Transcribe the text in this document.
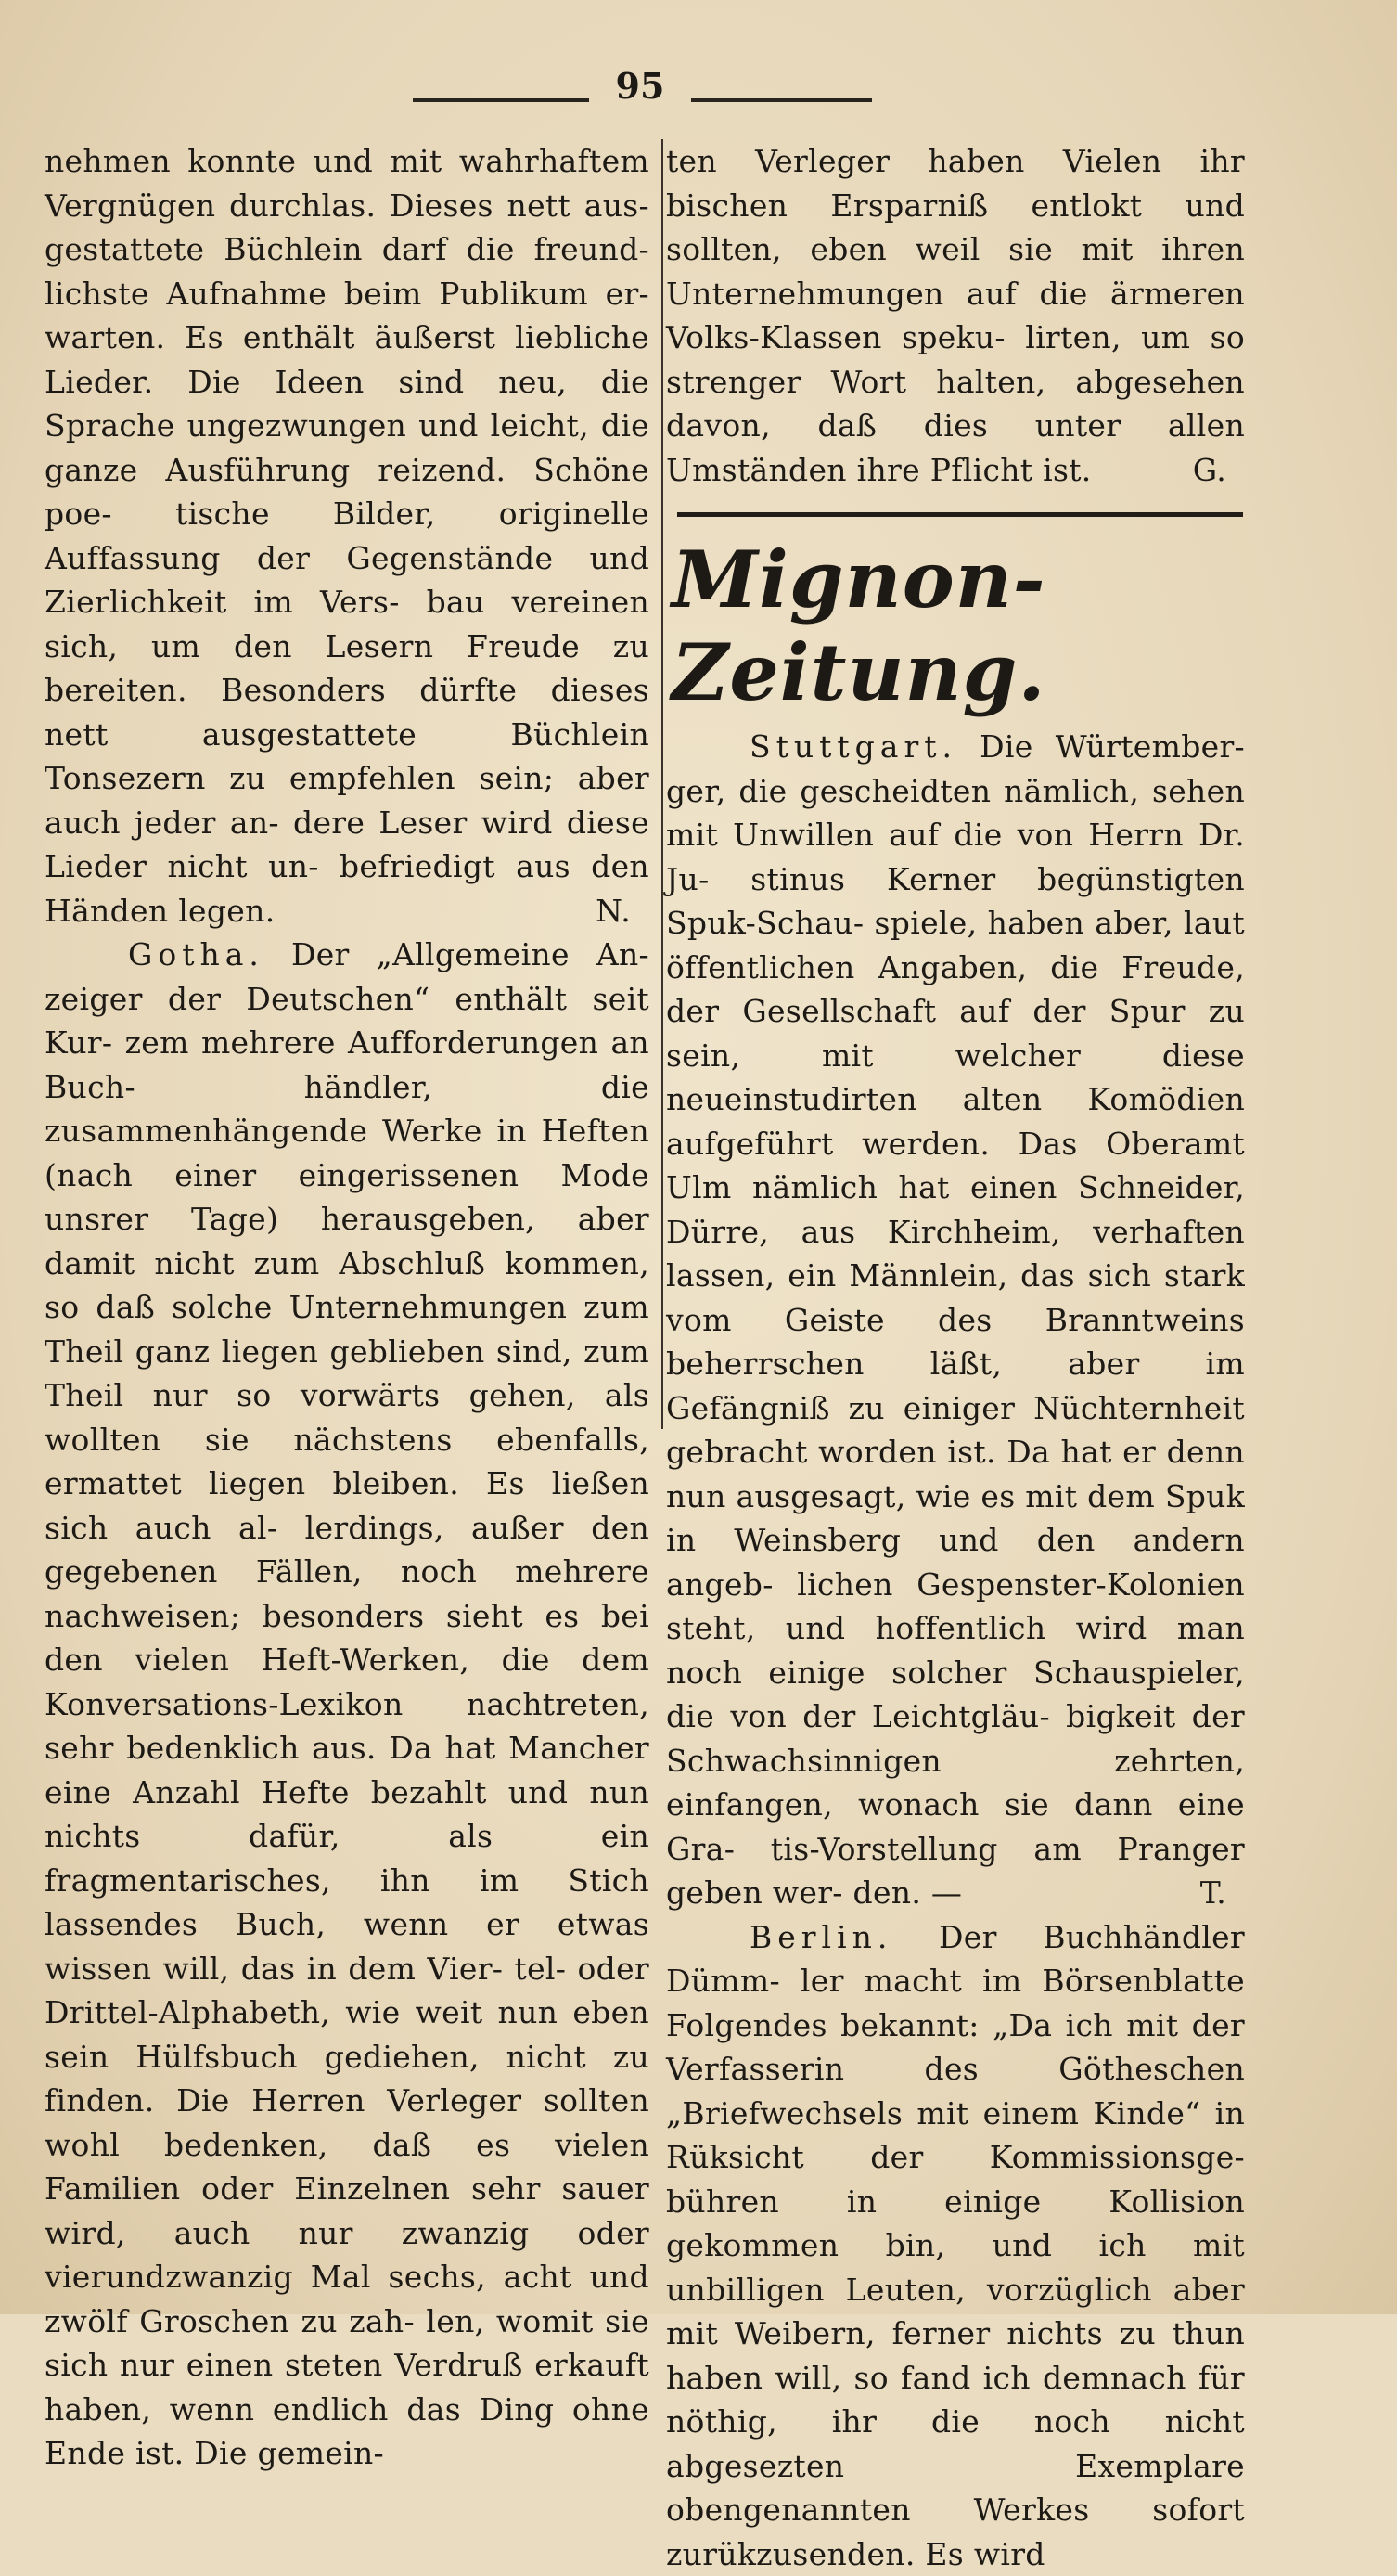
95

nehmen konnte und mit wahrhaftem Vergnügen durchlas. Dieses nett aus- gestattete Büchlein darf die freund- lichste Aufnahme beim Publikum er- warten. Es enthält äußerst liebliche Lieder. Die Ideen sind neu, die Sprache ungezwungen und leicht, die ganze Ausführung reizend. Schöne poe- tische Bilder, originelle Auffassung der Gegenstände und Zierlichkeit im Vers- bau vereinen sich, um den Lesern Freude zu bereiten. Besonders dürfte dieses nett ausgestattete Büchlein Tonsezern zu empfehlen sein; aber auch jeder an- dere Leser wird diese Lieder nicht un- befriedigt aus den Händen legen.	N.

Gotha. Der „Allgemeine An- zeiger der Deutschen“ enthält seit Kur- zem mehrere Aufforderungen an Buch- händler, die zusammenhängende Werke in Heften (nach einer eingerissenen Mode unsrer Tage) herausgeben, aber damit nicht zum Abschluß kommen, so daß solche Unternehmungen zum Theil ganz liegen geblieben sind, zum Theil nur so vorwärts gehen, als wollten sie nächstens ebenfalls, ermattet liegen bleiben. Es ließen sich auch al- lerdings, außer den gegebenen Fällen, noch mehrere nachweisen; besonders sieht es bei den vielen Heft-Werken, die dem Konversations-Lexikon nachtreten, sehr bedenklich aus. Da hat Mancher eine Anzahl Hefte bezahlt und nun nichts dafür, als ein fragmentarisches, ihn im Stich lassendes Buch, wenn er etwas wissen will, das in dem Vier- tel- oder Drittel-Alphabeth, wie weit nun eben sein Hülfsbuch gediehen, nicht zu finden. Die Herren Verleger sollten wohl bedenken, daß es vielen Familien oder Einzelnen sehr sauer wird, auch nur zwanzig oder vierundzwanzig Mal sechs, acht und zwölf Groschen zu zah- len, womit sie sich nur einen steten Verdruß erkauft haben, wenn endlich das Ding ohne Ende ist. Die gemein-

ten Verleger haben Vielen ihr bischen Ersparniß entlokt und sollten, eben weil sie mit ihren Unternehmungen auf die ärmeren Volks-Klassen speku- lirten, um so strenger Wort halten, abgesehen davon, daß dies unter allen Umständen ihre Pflicht ist.	G.

Mignon-Zeitung.

Stuttgart. Die Würtember- ger, die gescheidten nämlich, sehen mit Unwillen auf die von Herrn Dr. Ju- stinus Kerner begünstigten Spuk-Schau- spiele, haben aber, laut öffentlichen Angaben, die Freude, der Gesellschaft auf der Spur zu sein, mit welcher diese neueinstudirten alten Komödien aufgeführt werden. Das Oberamt Ulm nämlich hat einen Schneider, Dürre, aus Kirchheim, verhaften lassen, ein Männlein, das sich stark vom Geiste des Branntweins beherrschen läßt, aber im Gefängniß zu einiger Nüchternheit gebracht worden ist. Da hat er denn nun ausgesagt, wie es mit dem Spuk in Weinsberg und den andern angeb- lichen Gespenster-Kolonien steht, und hoffentlich wird man noch einige solcher Schauspieler, die von der Leichtgläu- bigkeit der Schwachsinnigen zehrten, einfangen, wonach sie dann eine Gra- tis-Vorstellung am Pranger geben wer- den. —	T.

Berlin. Der Buchhändler Dümm- ler macht im Börsenblatte Folgendes bekannt: „Da ich mit der Verfasserin des Götheschen „Briefwechsels mit einem Kinde“ in Rüksicht der Kommissionsge- bühren in einige Kollision gekommen bin, und ich mit unbilligen Leuten, vorzüglich aber mit Weibern, ferner nichts zu thun haben will, so fand ich demnach für nöthig, ihr die noch nicht abgesezten Exemplare obengenannten Werkes sofort zurükzusenden. Es wird
